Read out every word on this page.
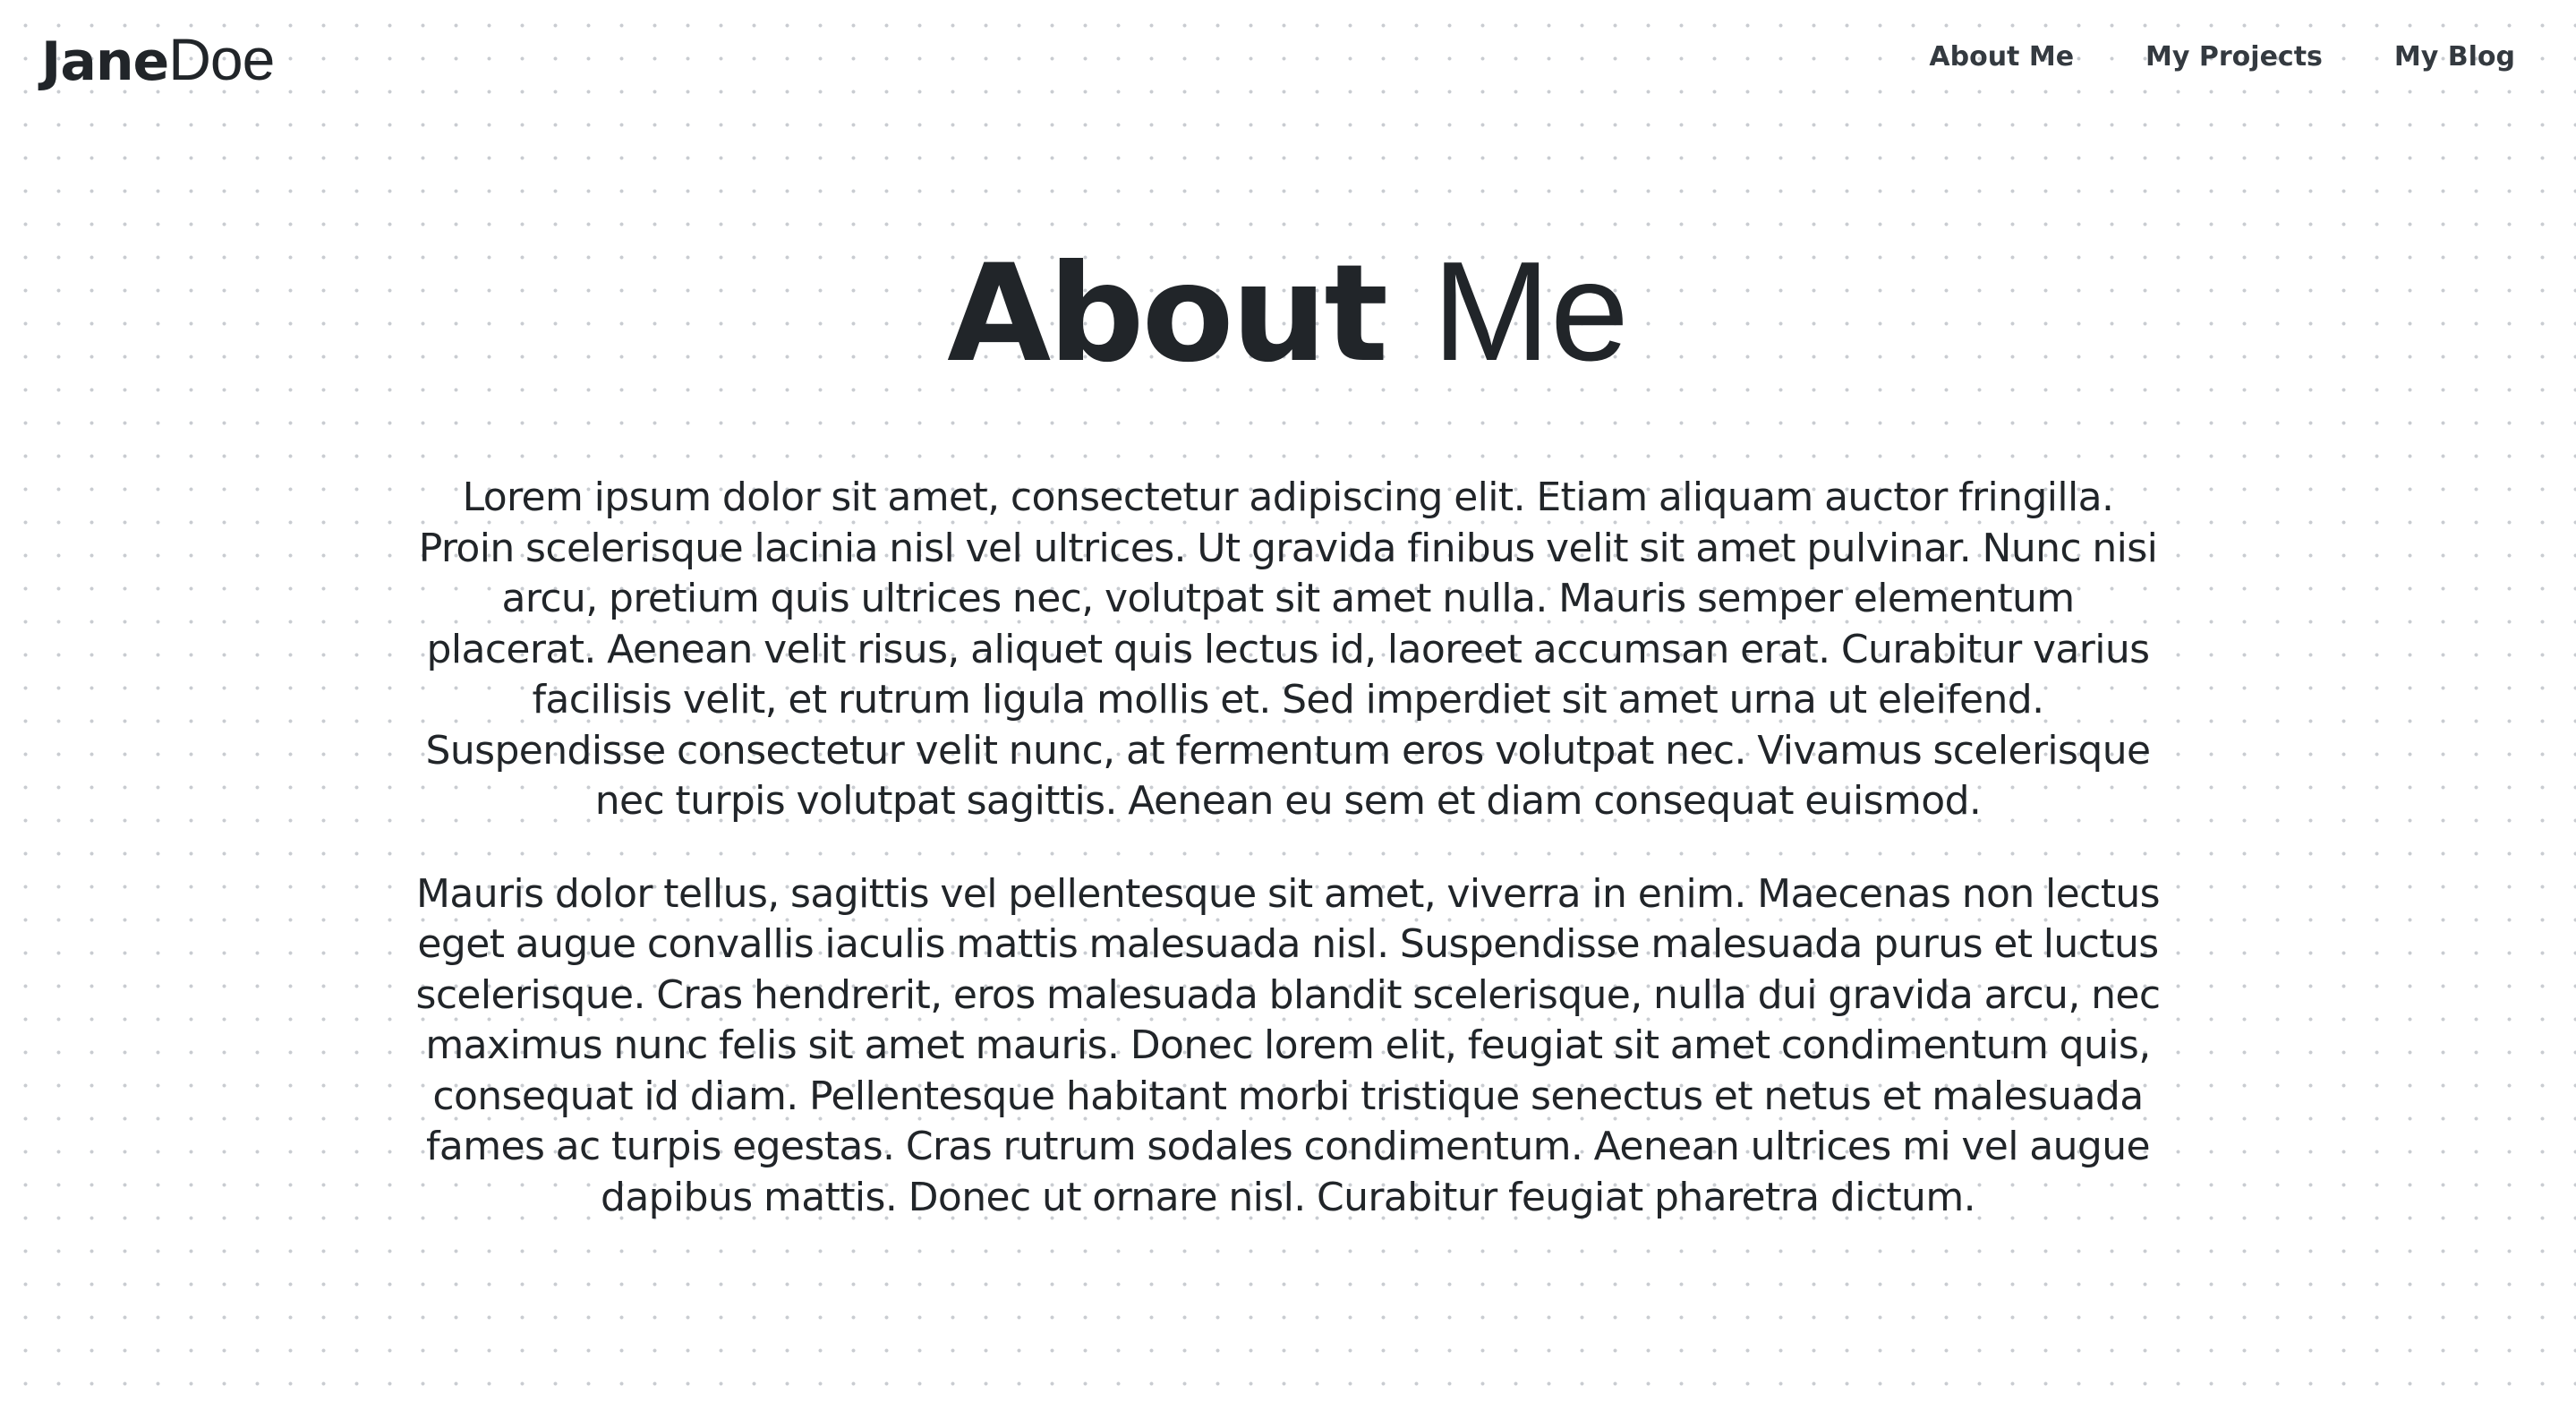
JaneDoe	About Me	My Projects	My Blog
About Me

Lorem ipsum dolor sit amet, consectetur adipiscing elit. Etiam aliquam auctor fringilla. Proin scelerisque lacinia nisl vel ultrices. Ut gravida finibus velit sit amet pulvinar. Nunc nisi arcu, pretium quis ultrices nec, volutpat sit amet nulla. Mauris semper elementum placerat. Aenean velit risus, aliquet quis lectus id, laoreet accumsan erat. Curabitur varius facilisis velit, et rutrum ligula mollis et. Sed imperdiet sit amet urna ut eleifend. Suspendisse consectetur velit nunc, at fermentum eros volutpat nec. Vivamus scelerisque nec turpis volutpat sagittis. Aenean eu sem et diam consequat euismod.

Mauris dolor tellus, sagittis vel pellentesque sit amet, viverra in enim. Maecenas non lectus eget augue convallis iaculis mattis malesuada nisl. Suspendisse malesuada purus et luctus scelerisque. Cras hendrerit, eros malesuada blandit scelerisque, nulla dui gravida arcu, nec maximus nunc felis sit amet mauris. Donec lorem elit, feugiat sit amet condimentum quis, consequat id diam. Pellentesque habitant morbi tristique senectus et netus et malesuada fames ac turpis egestas. Cras rutrum sodales condimentum. Aenean ultrices mi vel augue dapibus mattis. Donec ut ornare nisl. Curabitur feugiat pharetra dictum.
